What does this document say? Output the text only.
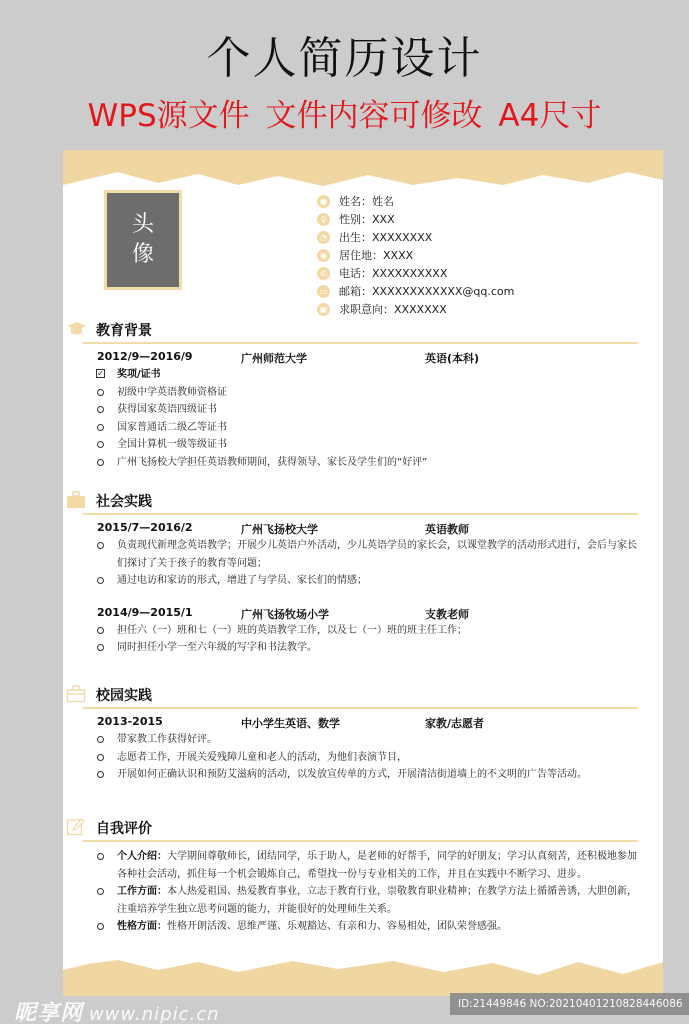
个人简历设计
WPS源文件 文件内容可修改 A4尺寸
头
像
● 姓名：姓名
♀	性别：XXX
◔ 出生：XXXXXXXX
◉ 居住地：XXXX
✆ 电话：XXXXXXXXXX
▭ 邮箱：XXXXXXXXXXXX@qq.com
▣ 求职意向：XXXXXXX
教育背景
2012/9—2016/9	广州师范大学	英语(本科)
✓ 奖项/证书
初级中学英语教师资格证
获得国家英语四级证书
国家普通话二级乙等证书
全国计算机一级等级证书
广州飞扬校大学担任英语教师期间，获得领导、家长及学生们的“好评”
社会实践
2015/7—2016/2	广州飞扬校大学	英语教师
负责现代新理念英语教学；开展少儿英语户外活动，少儿英语学员的家长会，以课堂教学的活动形式进行，会后与家长们探讨了关于孩子的教育等问题；
通过电访和家访的形式，增进了与学员、家长们的情感；
2014/9—2015/1	广州飞扬牧场小学	支教老师
担任六（一）班和七（一）班的英语教学工作，以及七（一）班的班主任工作；
同时担任小学一至六年级的写字和书法教学。
校园实践
2013-2015	中小学生英语、数学	家教/志愿者
带家教工作获得好评。
志愿者工作，开展关爱残障儿童和老人的活动，为他们表演节目，
开展如何正确认识和预防艾滋病的活动，以发放宣传单的方式，开展清洁街道墙上的不文明的广告等活动。
自我评价
个人介绍：大学期间尊敬师长，团结同学，乐于助人，是老师的好帮手，同学的好朋友；学习认真刻苦，还积极地参加各种社会活动，抓住每一个机会锻炼自己，希望找一份与专业相关的工作，并且在实践中不断学习、进步。
工作方面：本人热爱祖国、热爱教育事业，立志于教育行业，崇敬教育职业精神；在教学方法上循循善诱，大胆创新，注重培养学生独立思考问题的能力，并能很好的处理师生关系。
性格方面：性格开朗活泼、思维严谨、乐观豁达、有亲和力、容易相处，团队荣誉感强。
昵享网 www.nipic.cn	ID:21449846 NO:20210401210828446086
